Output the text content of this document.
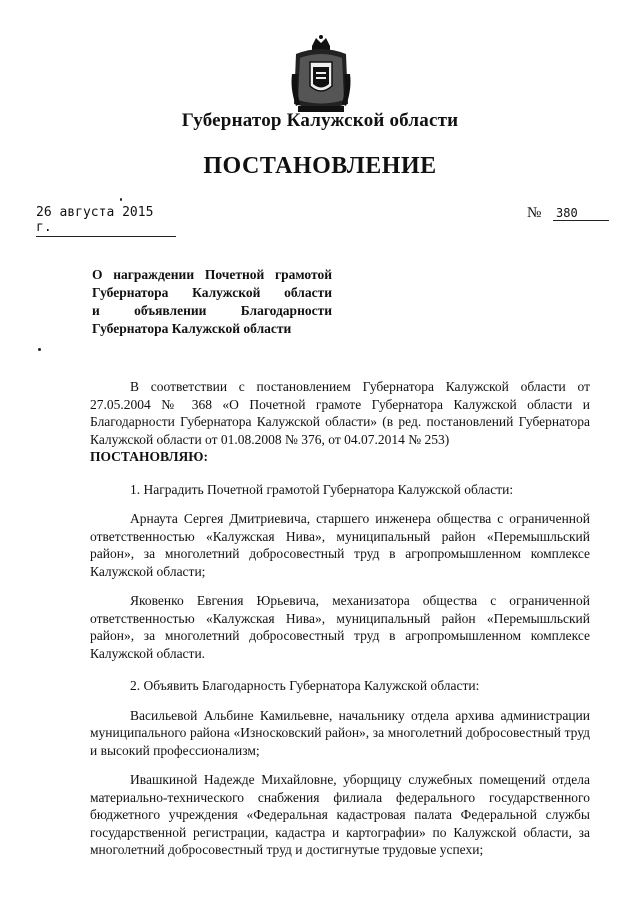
Губернатор Калужской области
ПОСТАНОВЛЕНИЕ
26 августа 2015 г.
№ 380
О награждении Почетной грамотой
Губернатора Калужской области
и объявлении Благодарности
Губернатора Калужской области

В соответствии с постановлением Губернатора Калужской области от 27.05.2004 № 368 «О Почетной грамоте Губернатора Калужской области и Благодарности Губернатора Калужской области» (в ред. постановлений Губернатора Калужской области от 01.08.2008 № 376, от 04.07.2014 № 253)

ПОСТАНОВЛЯЮ:

1. Наградить Почетной грамотой Губернатора Калужской области:

Арнаута Сергея Дмитриевича, старшего инженера общества с ограниченной ответственностью «Калужская Нива», муниципальный район «Перемышльский район», за многолетний добросовестный труд в агропромышленном комплексе Калужской области;

Яковенко Евгения Юрьевича, механизатора общества с ограниченной ответственностью «Калужская Нива», муниципальный район «Перемышльский район», за многолетний добросовестный труд в агропромышленном комплексе Калужской области.

2. Объявить Благодарность Губернатора Калужской области:

Васильевой Альбине Камильевне, начальнику отдела архива администрации муниципального района «Износковский район», за многолетний добросовестный труд и высокий профессионализм;

Ивашкиной Надежде Михайловне, уборщицу служебных помещений отдела материально-технического снабжения филиала федерального государственного бюджетного учреждения «Федеральная кадастровая палата Федеральной службы государственной регистрации, кадастра и картографии» по Калужской области, за многолетний добросовестный труд и достигнутые трудовые успехи;
